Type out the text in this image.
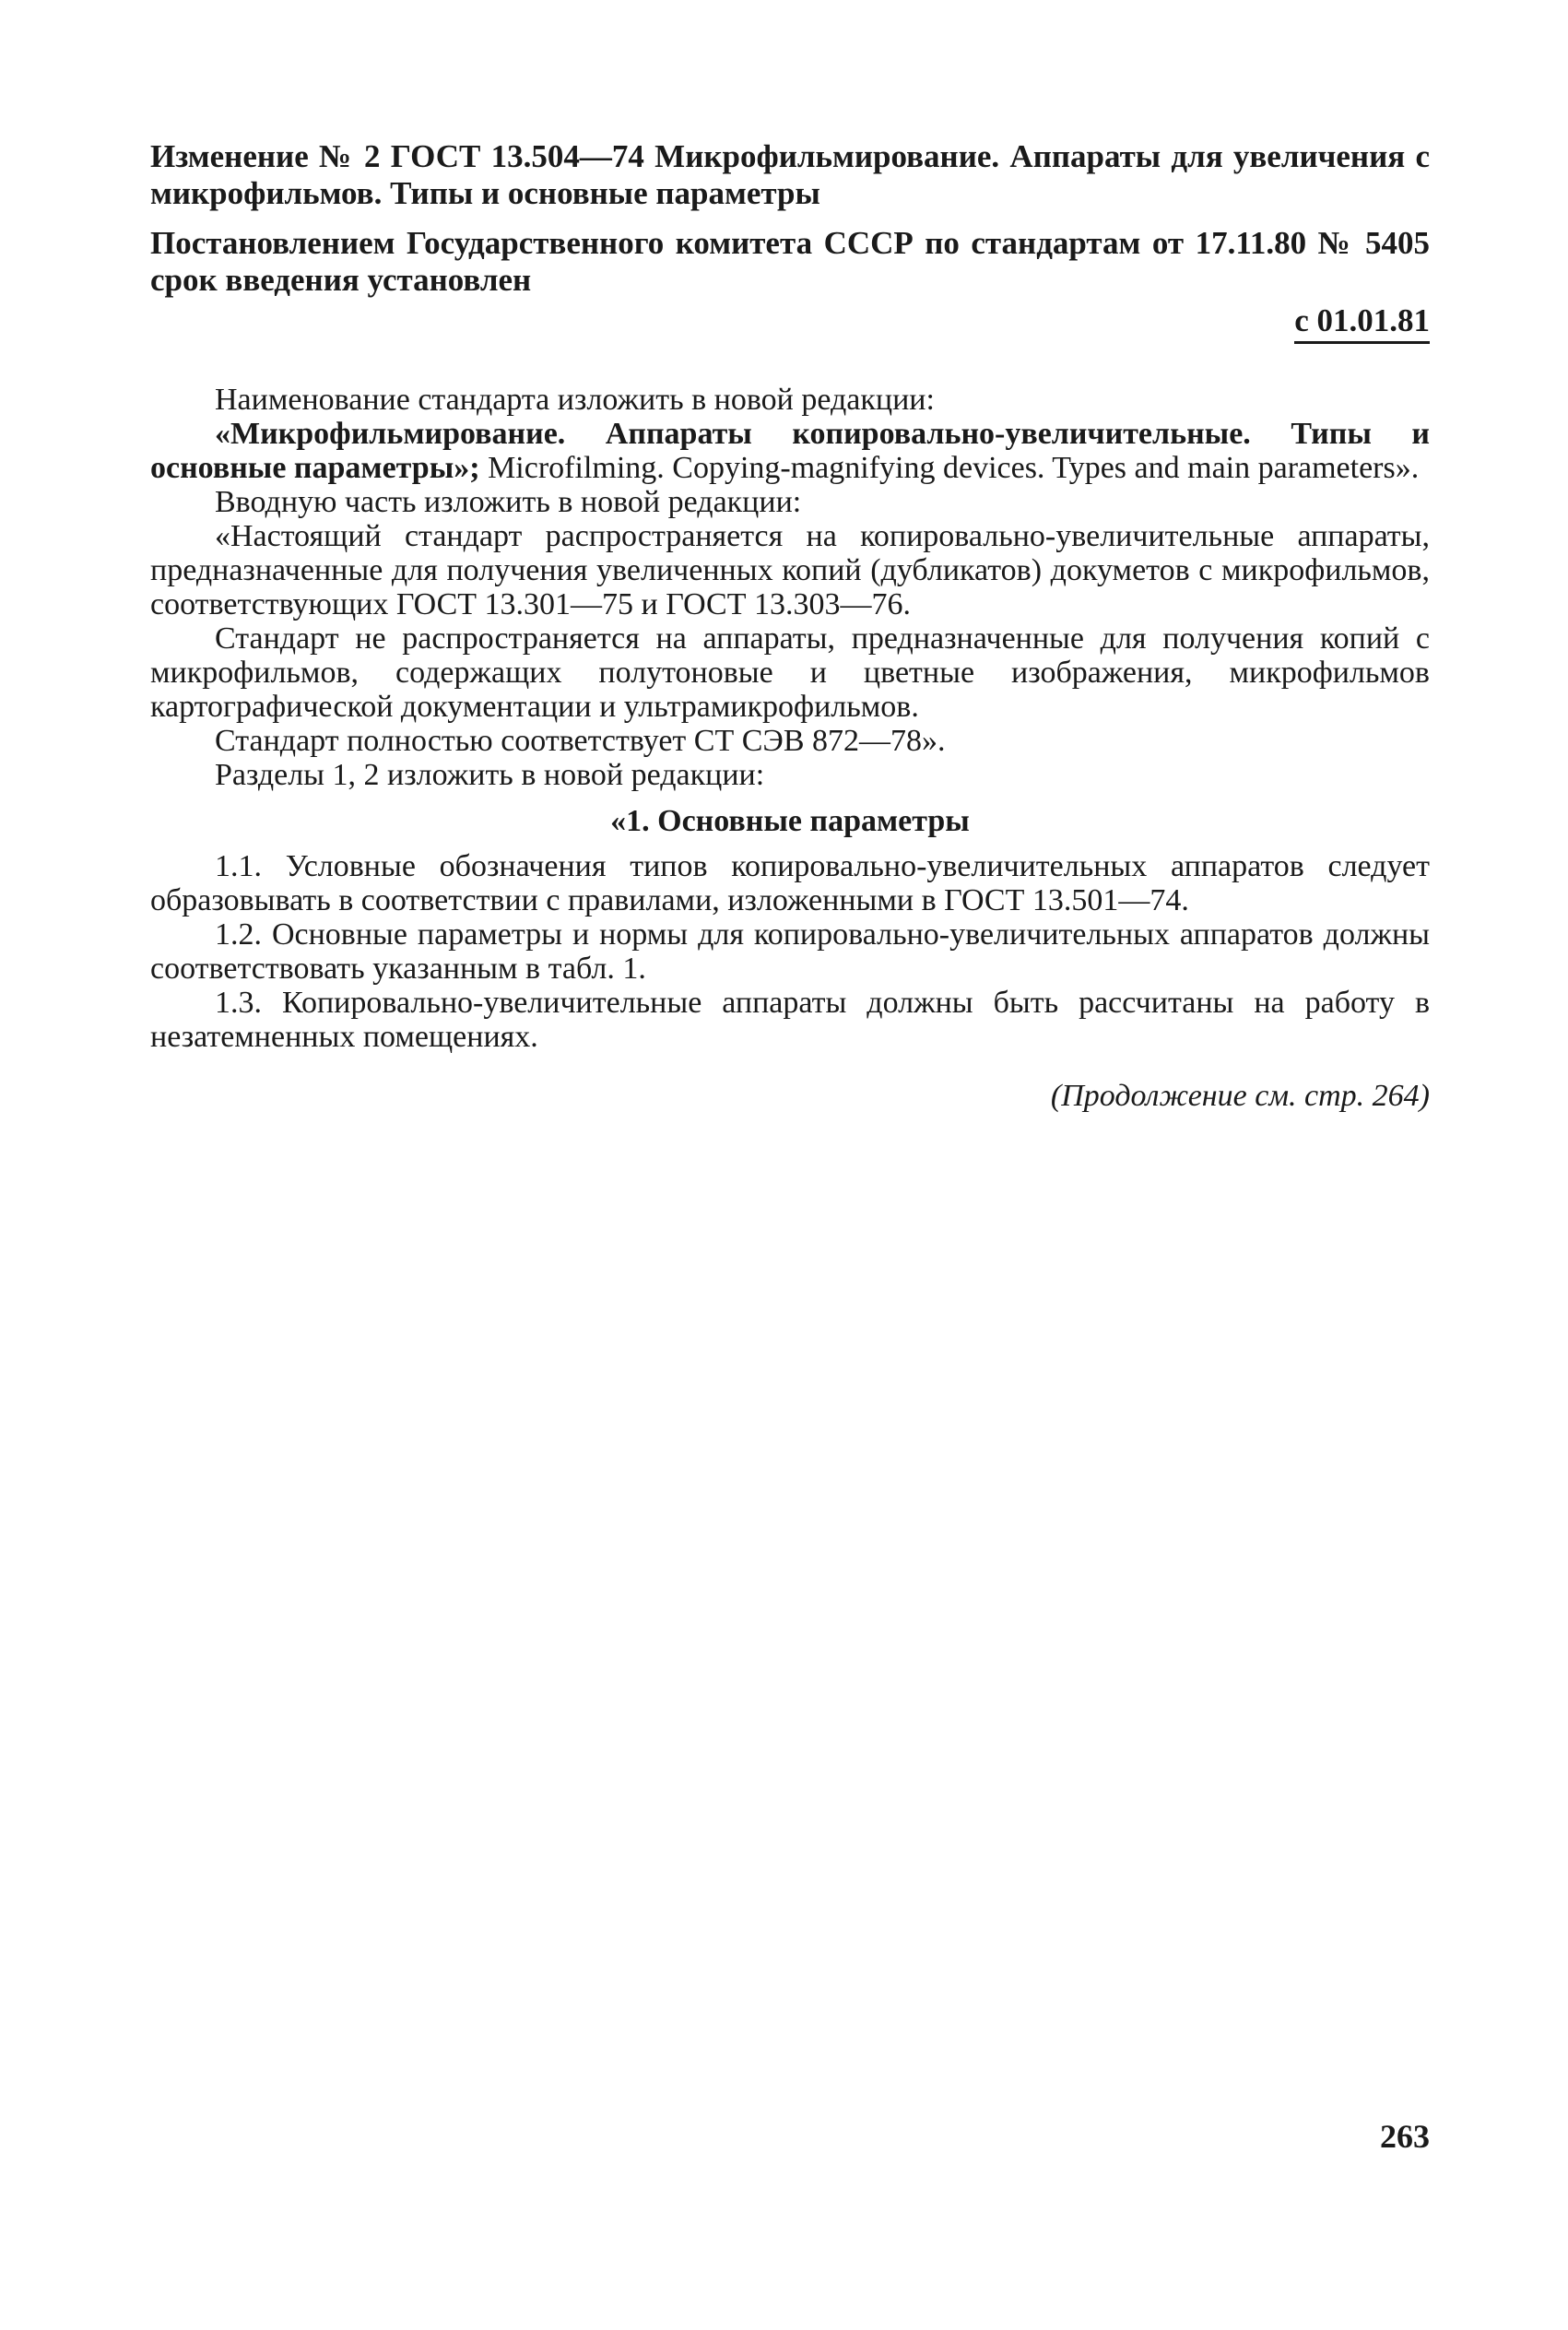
Изменение № 2 ГОСТ 13.504—74 Микрофильмирование. Аппараты для увеличения с микрофильмов. Типы и основные параметры

Постановлением Государственного комитета СССР по стандартам от 17.11.80 № 5405 срок введения установлен

с 01.01.81

Наименование стандарта изложить в новой редакции:

«Микрофильмирование. Аппараты копировально-увеличительные. Типы и основные параметры»; Microfilming. Copying-magnifying devices. Types and main parameters».

Вводную часть изложить в новой редакции:

«Настоящий стандарт распространяется на копировально-увеличительные аппараты, предназначенные для получения увеличенных копий (дубликатов) докуметов с микрофильмов, соответствующих ГОСТ 13.301—75 и ГОСТ 13.303—76.

Стандарт не распространяется на аппараты, предназначенные для получения копий с микрофильмов, содержащих полутоновые и цветные изображения, микрофильмов картографической документации и ультрамикрофильмов.

Стандарт полностью соответствует СТ СЭВ 872—78».

Разделы 1, 2 изложить в новой редакции:

«1. Основные параметры

1.1. Условные обозначения типов копировально-увеличительных аппаратов следует образовывать в соответствии с правилами, изложенными в ГОСТ 13.501—74.

1.2. Основные параметры и нормы для копировально-увеличительных аппаратов должны соответствовать указанным в табл. 1.

1.3. Копировально-увеличительные аппараты должны быть рассчитаны на работу в незатемненных помещениях.

(Продолжение см. стр. 264)
263
